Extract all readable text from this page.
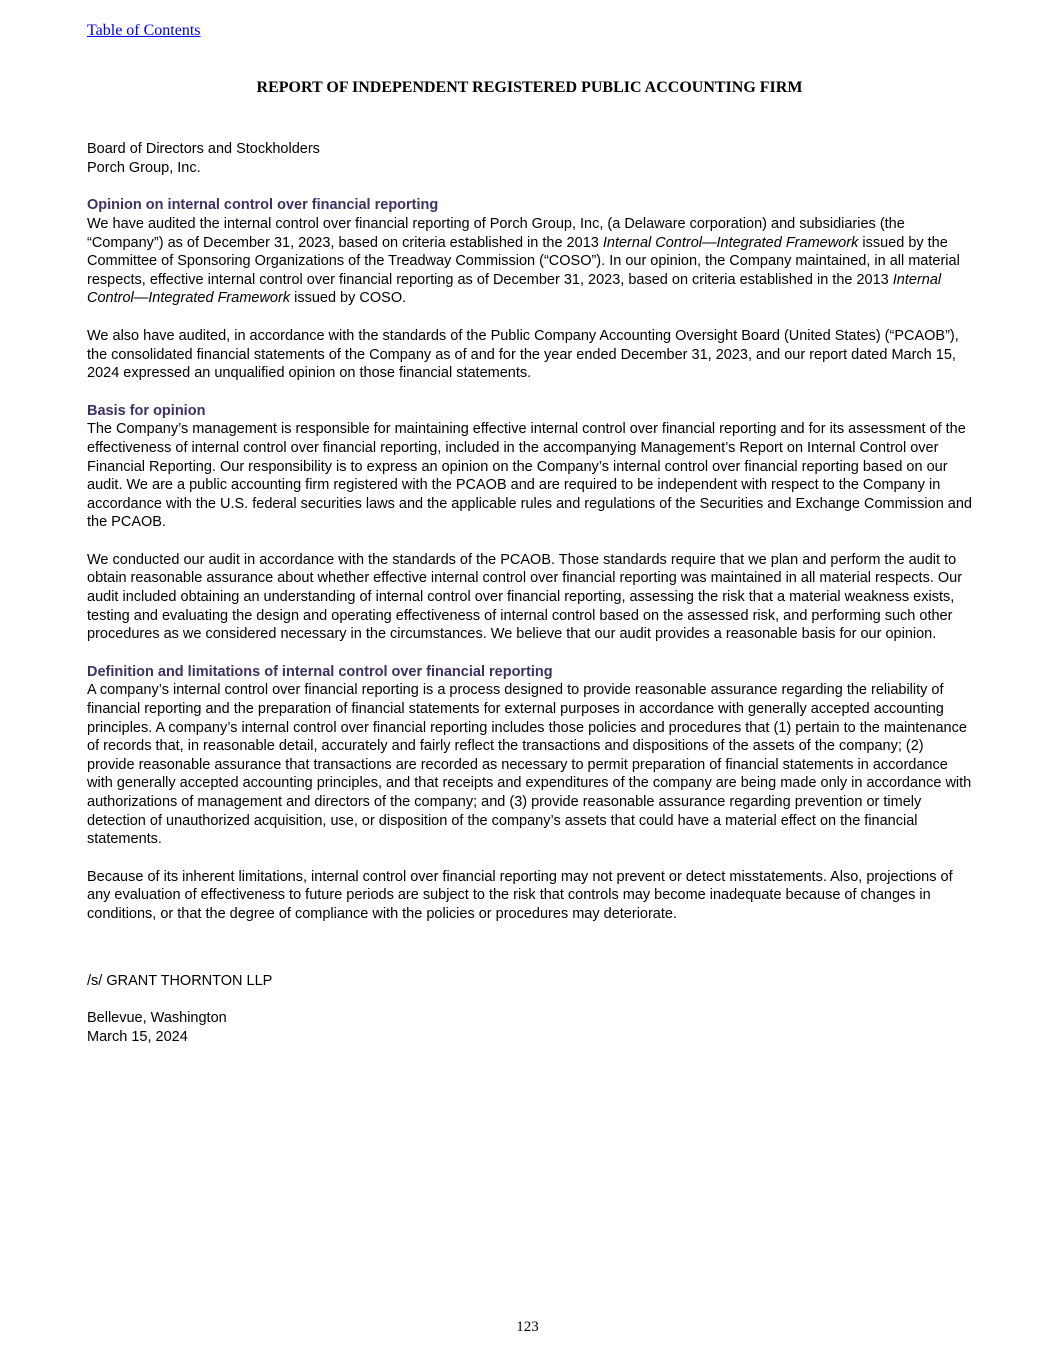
Table of Contents
REPORT OF INDEPENDENT REGISTERED PUBLIC ACCOUNTING FIRM
Board of Directors and Stockholders
Porch Group, Inc.
Opinion on internal control over financial reporting

We have audited the internal control over financial reporting of Porch Group, Inc, (a Delaware corporation) and subsidiaries (the “Company”) as of December 31, 2023, based on criteria established in the 2013 Internal Control—Integrated Framework issued by the Committee of Sponsoring Organizations of the Treadway Commission (“COSO”). In our opinion, the Company maintained, in all material respects, effective internal control over financial reporting as of December 31, 2023, based on criteria established in the 2013 Internal Control—Integrated Framework issued by COSO.

We also have audited, in accordance with the standards of the Public Company Accounting Oversight Board (United States) (“PCAOB”), the consolidated financial statements of the Company as of and for the year ended December 31, 2023, and our report dated March 15, 2024 expressed an unqualified opinion on those financial statements.

Basis for opinion

The Company’s management is responsible for maintaining effective internal control over financial reporting and for its assessment of the effectiveness of internal control over financial reporting, included in the accompanying Management’s Report on Internal Control over Financial Reporting. Our responsibility is to express an opinion on the Company’s internal control over financial reporting based on our audit. We are a public accounting firm registered with the PCAOB and are required to be independent with respect to the Company in accordance with the U.S. federal securities laws and the applicable rules and regulations of the Securities and Exchange Commission and the PCAOB.

We conducted our audit in accordance with the standards of the PCAOB. Those standards require that we plan and perform the audit to obtain reasonable assurance about whether effective internal control over financial reporting was maintained in all material respects. Our audit included obtaining an understanding of internal control over financial reporting, assessing the risk that a material weakness exists, testing and evaluating the design and operating effectiveness of internal control based on the assessed risk, and performing such other procedures as we considered necessary in the circumstances. We believe that our audit provides a reasonable basis for our opinion.

Definition and limitations of internal control over financial reporting

A company’s internal control over financial reporting is a process designed to provide reasonable assurance regarding the reliability of financial reporting and the preparation of financial statements for external purposes in accordance with generally accepted accounting principles. A company’s internal control over financial reporting includes those policies and procedures that (1) pertain to the maintenance of records that, in reasonable detail, accurately and fairly reflect the transactions and dispositions of the assets of the company; (2) provide reasonable assurance that transactions are recorded as necessary to permit preparation of financial statements in accordance with generally accepted accounting principles, and that receipts and expenditures of the company are being made only in accordance with authorizations of management and directors of the company; and (3) provide reasonable assurance regarding prevention or timely detection of unauthorized acquisition, use, or disposition of the company’s assets that could have a material effect on the financial statements.

Because of its inherent limitations, internal control over financial reporting may not prevent or detect misstatements. Also, projections of any evaluation of effectiveness to future periods are subject to the risk that controls may become inadequate because of changes in conditions, or that the degree of compliance with the policies or procedures may deteriorate.

/s/ GRANT THORNTON LLP
Bellevue, Washington
March 15, 2024
123
